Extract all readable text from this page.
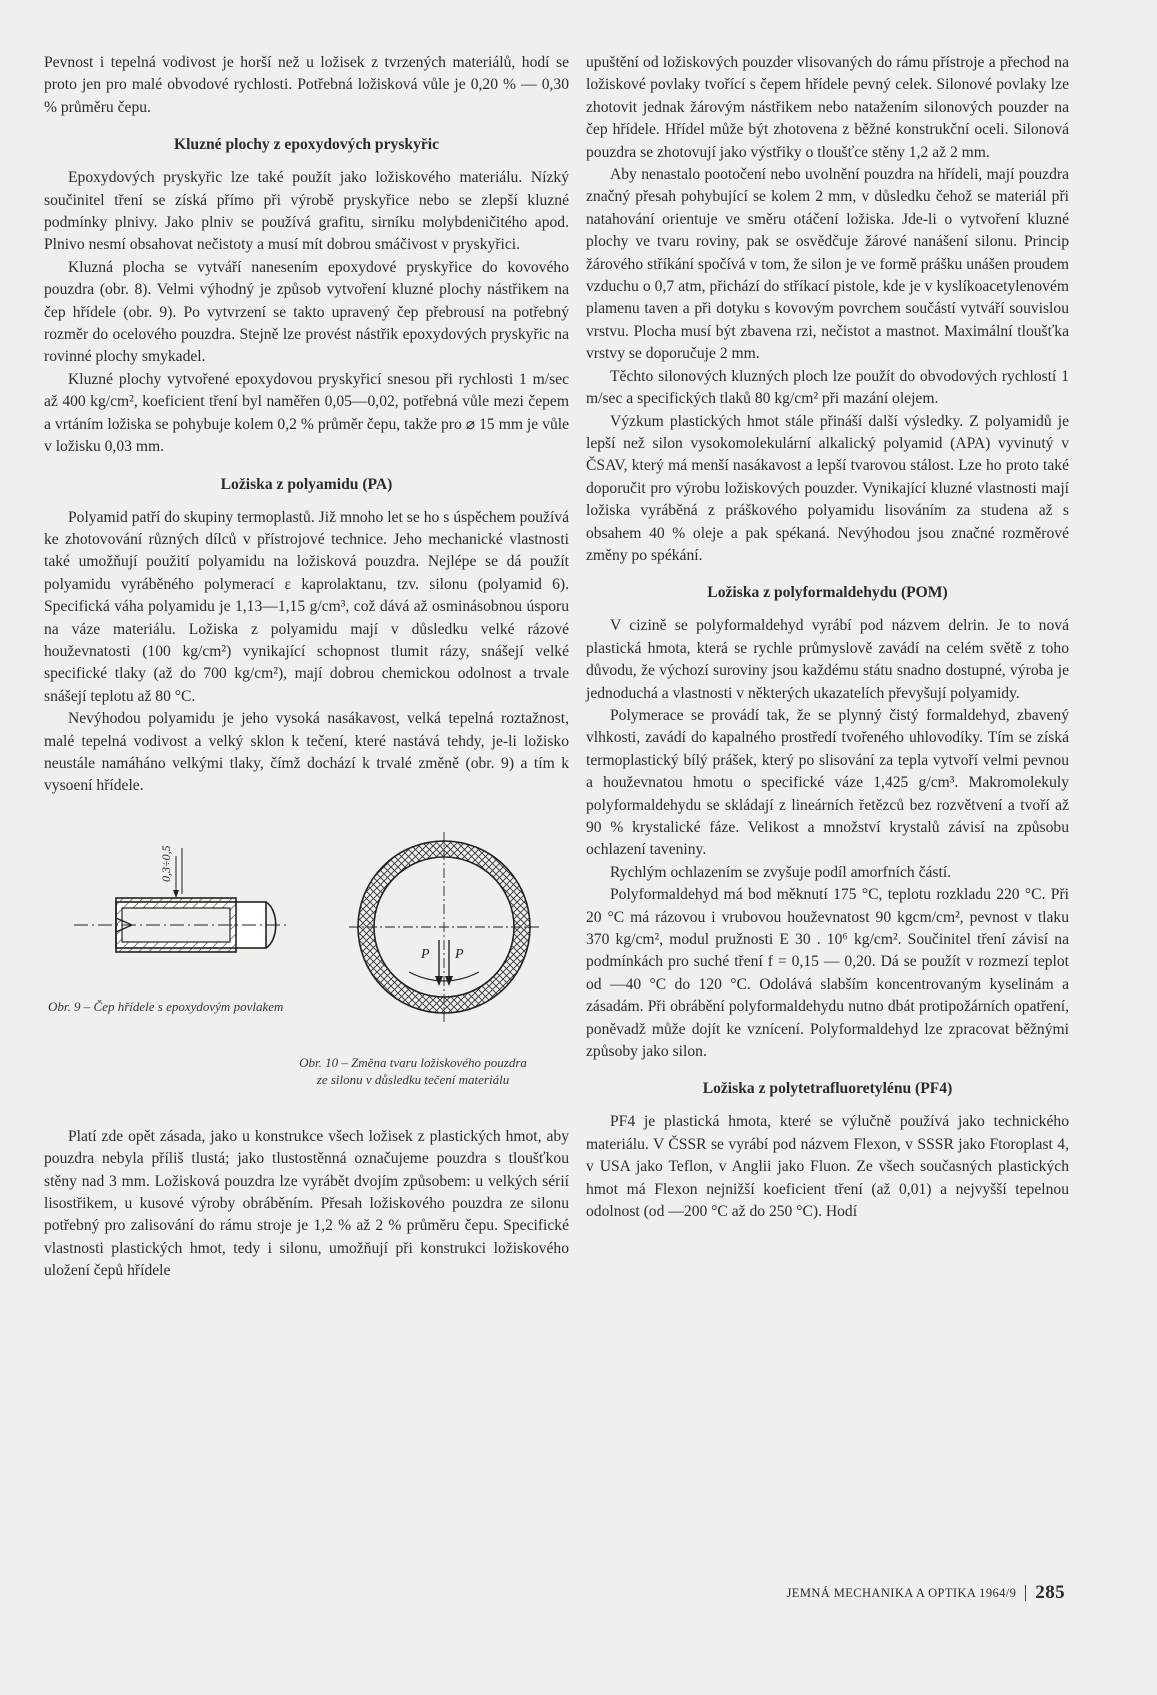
Pevnost i tepelná vodivost je horší než u ložisek z tvrzených materiálů, hodí se proto jen pro malé obvodové rychlosti. Potřebná ložisková vůle je 0,20 % — 0,30 % průměru čepu.

Kluzné plochy z epoxydových pryskyřic

Epoxydových pryskyřic lze také použít jako ložiskového materiálu. Nízký součinitel tření se získá přímo při výrobě pryskyřice nebo se zlepší kluzné podmínky plnivy. Jako plniv se používá grafitu, sirníku molybdeničitého apod. Plnivo nesmí obsahovat nečistoty a musí mít dobrou smáčivost v pryskyřici.

Kluzná plocha se vytváří nanesením epoxydové pryskyřice do kovového pouzdra (obr. 8). Velmi výhodný je způsob vytvoření kluzné plochy nástřikem na čep hřídele (obr. 9). Po vytvrzení se takto upravený čep přebrousí na potřebný rozměr do ocelového pouzdra. Stejně lze provést nástřik epoxydových pryskyřic na rovinné plochy smykadel.

Kluzné plochy vytvořené epoxydovou pryskyřicí snesou při rychlosti 1 m/sec až 400 kg/cm², koeficient tření byl naměřen 0,05—0,02, potřebná vůle mezi čepem a vrtáním ložiska se pohybuje kolem 0,2 % průměr čepu, takže pro ⌀ 15 mm je vůle v ložisku 0,03 mm.

Ložiska z polyamidu (PA)

Polyamid patří do skupiny termoplastů. Již mnoho let se ho s úspěchem používá ke zhotovování různých dílců v přístrojové technice. Jeho mechanické vlastnosti také umožňují použití polyamidu na ložisková pouzdra. Nejlépe se dá použít polyamidu vyráběného polymerací ε kaprolaktanu, tzv. silonu (polyamid 6). Specifická váha polyamidu je 1,13—1,15 g/cm³, což dává až osminásobnou úsporu na váze materiálu. Ložiska z polyamidu mají v důsledku velké rázové houževnatosti (100 kg/cm²) vynikající schopnost tlumit rázy, snášejí velké specifické tlaky (až do 700 kg/cm²), mají dobrou chemickou odolnost a trvale snášejí teplotu až 80 °C.

Nevýhodou polyamidu je jeho vysoká nasákavost, velká tepelná roztažnost, malé tepelná vodivost a velký sklon k tečení, které nastává tehdy, je-li ložisko neustále namáháno velkými tlaky, čímž dochází k trvalé změně (obr. 9) a tím k vysoení hřídele.

0,3÷0,5
P P
Obr. 9 – Čep hřídele s epoxydovým povlakem
Obr. 10 – Změna tvaru ložiskového pouzdra ze silonu v důsledku tečení materiálu

Platí zde opět zásada, jako u konstrukce všech ložisek z plastických hmot, aby pouzdra nebyla příliš tlustá; jako tlustostěnná označujeme pouzdra s tloušťkou stěny nad 3 mm. Ložisková pouzdra lze vyrábět dvojím způsobem: u velkých sérií lisostřikem, u kusové výroby obráběním. Přesah ložiskového pouzdra ze silonu potřebný pro zalisování do rámu stroje je 1,2 % až 2 % průměru čepu. Specifické vlastnosti plastických hmot, tedy i silonu, umožňují při konstrukci ložiskového uložení čepů hřídele

upuštění od ložiskových pouzder vlisovaných do rámu přístroje a přechod na ložiskové povlaky tvořící s čepem hřídele pevný celek. Silonové povlaky lze zhotovit jednak žárovým nástřikem nebo natažením silonových pouzder na čep hřídele. Hřídel může být zhotovena z běžné konstrukční oceli. Silonová pouzdra se zhotovují jako výstřiky o tloušťce stěny 1,2 až 2 mm.

Aby nenastalo pootočení nebo uvolnění pouzdra na hřídeli, mají pouzdra značný přesah pohybující se kolem 2 mm, v důsledku čehož se materiál při natahování orientuje ve směru otáčení ložiska. Jde-li o vytvoření kluzné plochy ve tvaru roviny, pak se osvědčuje žárové nanášení silonu. Princip žárového stříkání spočívá v tom, že silon je ve formě prášku unášen proudem vzduchu o 0,7 atm, přichází do stříkací pistole, kde je v kyslíkoacetylenovém plamenu taven a při dotyku s kovovým povrchem součástí vytváří souvislou vrstvu. Plocha musí být zbavena rzi, nečistot a mastnot. Maximální tloušťka vrstvy se doporučuje 2 mm.

Těchto silonových kluzných ploch lze použít do obvodových rychlostí 1 m/sec a specifických tlaků 80 kg/cm² při mazání olejem.

Výzkum plastických hmot stále přináší další výsledky. Z polyamidů je lepší než silon vysokomolekulární alkalický polyamid (APA) vyvinutý v ČSAV, který má menší nasákavost a lepší tvarovou stálost. Lze ho proto také doporučit pro výrobu ložiskových pouzder. Vynikající kluzné vlastnosti mají ložiska vyráběná z práškového polyamidu lisováním za studena až s obsahem 40 % oleje a pak spékaná. Nevýhodou jsou značné rozměrové změny po spékání.

Ložiska z polyformaldehydu (POM)

V cizině se polyformaldehyd vyrábí pod názvem delrin. Je to nová plastická hmota, která se rychle průmyslově zavádí na celém světě z toho důvodu, že výchozí suroviny jsou každému státu snadno dostupné, výroba je jednoduchá a vlastnosti v některých ukazatelích převyšují polyamidy.

Polymerace se provádí tak, že se plynný čistý formaldehyd, zbavený vlhkosti, zavádí do kapalného prostředí tvořeného uhlovodíky. Tím se získá termoplastický bílý prášek, který po slisování za tepla vytvoří velmi pevnou a houževnatou hmotu o specifické váze 1,425 g/cm³. Makromolekuly polyformaldehydu se skládají z lineárních řetězců bez rozvětvení a tvoří až 90 % krystalické fáze. Velikost a množství krystalů závisí na způsobu ochlazení taveniny.

Rychlým ochlazením se zvyšuje podíl amorfních částí.

Polyformaldehyd má bod měknutí 175 °C, teplotu rozkladu 220 °C. Při 20 °C má rázovou i vrubovou houževnatost 90 kgcm/cm², pevnost v tlaku 370 kg/cm², modul pružnosti E 30 . 10⁶ kg/cm². Součinitel tření závisí na podmínkách pro suché tření f = 0,15 — 0,20. Dá se použít v rozmezí teplot od —40 °C do 120 °C. Odolává slabším koncentrovaným kyselinám a zásadám. Při obrábění polyformaldehydu nutno dbát protipožárních opatření, poněvadž může dojít ke vznícení. Polyformaldehyd lze zpracovat běžnými způsoby jako silon.

Ložiska z polytetrafluoretylénu (PF4)

PF4 je plastická hmota, které se výlučně používá jako technického materiálu. V ČSSR se vyrábí pod názvem Flexon, v SSSR jako Ftoroplast 4, v USA jako Teflon, v Anglii jako Fluon. Ze všech současných plastických hmot má Flexon nejnižší koeficient tření (až 0,01) a nejvyšší tepelnou odolnost (od —200 °C až do 250 °C). Hodí

JEMNÁ MECHANIKA A OPTIKA 1964/9 285
